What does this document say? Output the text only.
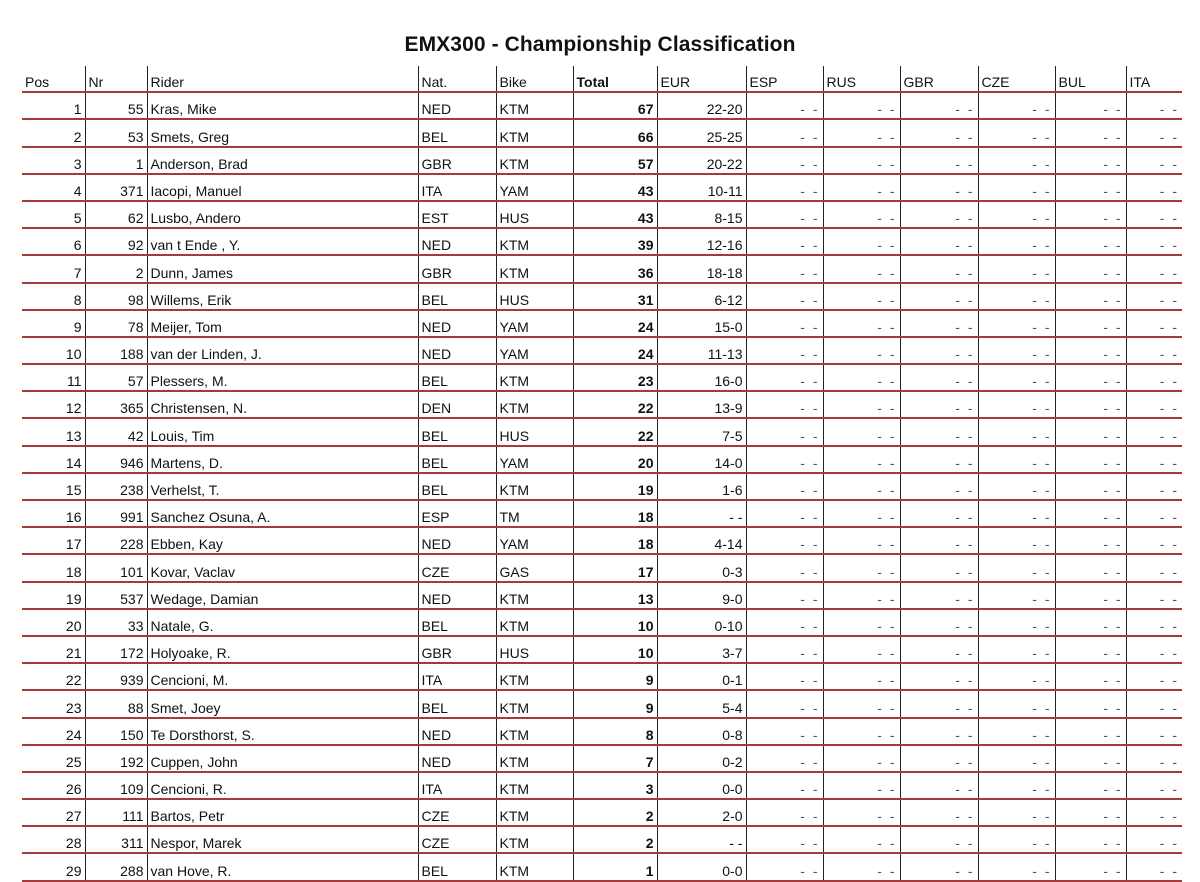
EMX300 - Championship Classification
Pos	Nr	Rider	Nat.	Bike	Total	EUR	ESP	RUS	GBR	CZE	BUL	ITA
1	55	Kras, Mike	NED	KTM	67	22-20	- -	- -	- -	- -	- -	- -
2	53	Smets, Greg	BEL	KTM	66	25-25	- -	- -	- -	- -	- -	- -
3	1	Anderson, Brad	GBR	KTM	57	20-22	- -	- -	- -	- -	- -	- -
4	371	Iacopi, Manuel	ITA	YAM	43	10-11	- -	- -	- -	- -	- -	- -
5	62	Lusbo, Andero	EST	HUS	43	8-15	- -	- -	- -	- -	- -	- -
6	92	van t Ende , Y.	NED	KTM	39	12-16	- -	- -	- -	- -	- -	- -
7	2	Dunn, James	GBR	KTM	36	18-18	- -	- -	- -	- -	- -	- -
8	98	Willems, Erik	BEL	HUS	31	6-12	- -	- -	- -	- -	- -	- -
9	78	Meijer, Tom	NED	YAM	24	15-0	- -	- -	- -	- -	- -	- -
10	188	van der Linden, J.	NED	YAM	24	11-13	- -	- -	- -	- -	- -	- -
11	57	Plessers, M.	BEL	KTM	23	16-0	- -	- -	- -	- -	- -	- -
12	365	Christensen, N.	DEN	KTM	22	13-9	- -	- -	- -	- -	- -	- -
13	42	Louis, Tim	BEL	HUS	22	7-5	- -	- -	- -	- -	- -	- -
14	946	Martens, D.	BEL	YAM	20	14-0	- -	- -	- -	- -	- -	- -
15	238	Verhelst, T.	BEL	KTM	19	1-6	- -	- -	- -	- -	- -	- -
16	991	Sanchez Osuna, A.	ESP	TM	18	- -	- -	- -	- -	- -	- -	- -
17	228	Ebben, Kay	NED	YAM	18	4-14	- -	- -	- -	- -	- -	- -
18	101	Kovar, Vaclav	CZE	GAS	17	0-3	- -	- -	- -	- -	- -	- -
19	537	Wedage, Damian	NED	KTM	13	9-0	- -	- -	- -	- -	- -	- -
20	33	Natale, G.	BEL	KTM	10	0-10	- -	- -	- -	- -	- -	- -
21	172	Holyoake, R.	GBR	HUS	10	3-7	- -	- -	- -	- -	- -	- -
22	939	Cencioni, M.	ITA	KTM	9	0-1	- -	- -	- -	- -	- -	- -
23	88	Smet, Joey	BEL	KTM	9	5-4	- -	- -	- -	- -	- -	- -
24	150	Te Dorsthorst, S.	NED	KTM	8	0-8	- -	- -	- -	- -	- -	- -
25	192	Cuppen, John	NED	KTM	7	0-2	- -	- -	- -	- -	- -	- -
26	109	Cencioni, R.	ITA	KTM	3	0-0	- -	- -	- -	- -	- -	- -
27	111	Bartos, Petr	CZE	KTM	2	2-0	- -	- -	- -	- -	- -	- -
28	311	Nespor, Marek	CZE	KTM	2	- -	- -	- -	- -	- -	- -	- -
29	288	van Hove, R.	BEL	KTM	1	0-0	- -	- -	- -	- -	- -	- -
